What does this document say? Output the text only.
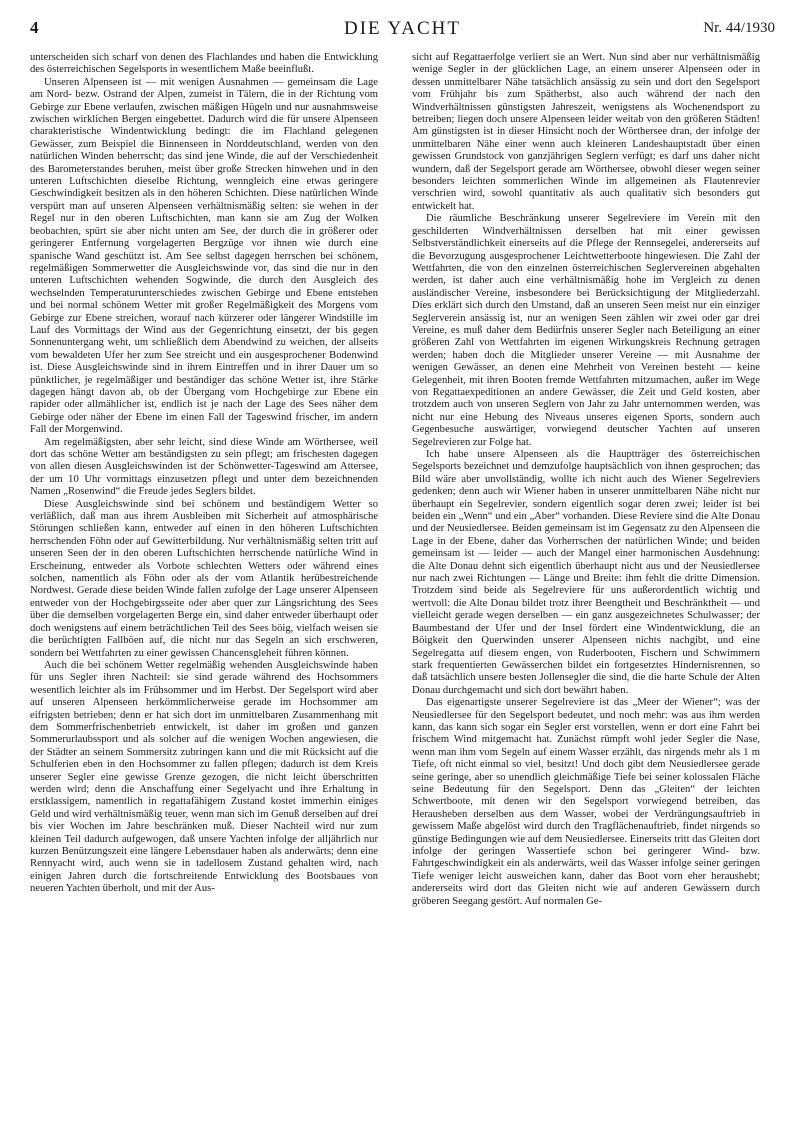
4	DIE YACHT	Nr. 44/1930

unterscheiden sich scharf von denen des Flachlandes und haben die Entwicklung des österreichischen Segelsports in wesentlichem Maße beeinflußt.

Unseren Alpenseen ist — mit wenigen Ausnahmen — gemeinsam die Lage am Nord- bezw. Ostrand der Alpen, zumeist in Tälern, die in der Richtung vom Gebirge zur Ebene verlaufen, zwischen mäßigen Hügeln und nur ausnahmsweise zwischen wirklichen Bergen eingebettet. Dadurch wird die für unsere Alpenseen charakteristische Windentwicklung bedingt: die im Flachland gelegenen Gewässer, zum Beispiel die Binnenseen in Norddeutschland, werden von den natürlichen Winden beherrscht; das sind jene Winde, die auf der Verschiedenheit des Barometerstandes beruhen, meist über große Strecken hinwehen und in den unteren Luftschichten dieselbe Richtung, wenngleich eine etwas geringere Geschwindigkeit besitzen als in den höheren Schichten. Diese natürlichen Winde verspürt man auf unseren Alpenseen verhältnismäßig selten: sie wehen in der Regel nur in den oberen Luftschichten, man kann sie am Zug der Wolken beobachten, spürt sie aber nicht unten am See, der durch die in größerer oder geringerer Entfernung vorgelagerten Bergzüge vor ihnen wie durch eine spanische Wand geschützt ist. Am See selbst dagegen herrschen bei schönem, regelmäßigen Sommerwetter die Ausgleichswinde vor, das sind die nur in den unteren Luftschichten wehenden Sogwinde, die durch den Ausgleich des wechselnden Temperaturunterschiedes zwischen Gebirge und Ebene entstehen und bei normal schönem Wetter mit großer Regelmäßigkeit des Morgens vom Gebirge zur Ebene streichen, worauf nach kürzerer oder längerer Windstille im Lauf des Vormittags der Wind aus der Gegenrichtung einsetzt, der bis gegen Sonnenuntergang weht, um schließlich dem Abendwind zu weichen, der allseits vom bewaldeten Ufer her zum See streicht und ein ausgesprochener Bodenwind ist. Diese Ausgleichswinde sind in ihrem Eintreffen und in ihrer Dauer um so pünktlicher, je regelmäßiger und beständiger das schöne Wetter ist, ihre Stärke dagegen hängt davon ab, ob der Übergang vom Hochgebirge zur Ebene ein rapider oder allmählicher ist, endlich ist je nach der Lage des Sees näher dem Gebirge oder näher der Ebene im einen Fall der Tageswind frischer, im andern Fall der Morgenwind.

Am regelmäßigsten, aber sehr leicht, sind diese Winde am Wörthersee, weil dort das schöne Wetter am beständigsten zu sein pflegt; am frischesten dagegen von allen diesen Ausgleichswinden ist der Schönwetter-Tageswind am Attersee, der um 10 Uhr vormittags einzusetzen pflegt und unter dem bezeichnenden Namen „Rosenwind“ die Freude jedes Seglers bildet.

Diese Ausgleichswinde sind bei schönem und beständigem Wetter so verläßlich, daß man aus ihrem Ausbleiben mit Sicherheit auf atmosphärische Störungen schließen kann, entweder auf einen in den höheren Luftschichten herrschenden Föhn oder auf Gewitterbildung. Nur verhältnismäßig selten tritt auf unseren Seen der in den oberen Luftschichten herrschende natürliche Wind in Erscheinung, entweder als Vorbote schlechten Wetters oder während eines solchen, namentlich als Föhn oder als der vom Atlantik herübestreichende Nordwest. Gerade diese beiden Winde fallen zufolge der Lage unserer Alpenseen entweder von der Hochgebirgsseite oder aber quer zur Längsrichtung des Sees über die demselben vorgelagerten Berge ein, sind daher entweder überhaupt oder doch wenigstens auf einem beträchtlichen Teil des Sees böig, vielfach weisen sie die berüchtigten Fallböen auf, die nicht nur das Segeln an sich erschweren, sondern bei Wettfahrten zu einer gewissen Chancensgleheit führen können.

Auch die bei schönem Wetter regelmäßig wehenden Ausgleichswinde haben für uns Segler ihren Nachteil: sie sind gerade während des Hochsommers wesentlich leichter als im Frühsommer und im Herbst. Der Segelsport wird aber auf unseren Alpenseen herkömmlicherweise gerade im Hochsommer am eifrigsten betrieben; denn er hat sich dort im unmittelbaren Zusammenhang mit dem Sommerfrischenbetrieb entwickelt, ist daher im großen und ganzen Sommerurlaubssport und als solcher auf die wenigen Wochen angewiesen, die der Städter an seinem Sommersitz zubringen kann und die mit Rücksicht auf die Schulferien eben in den Hochsommer zu fallen pflegen; dadurch ist dem Kreis unserer Segler eine gewisse Grenze gezogen, die nicht leicht überschritten werden wird; denn die Anschaffung einer Segelyacht und ihre Erhaltung in erstklassigem, namentlich in regattafähigem Zustand kostet immerhin einiges Geld und wird verhältnismäßig teuer, wenn man sich im Genuß derselben auf drei bis vier Wochen im Jahre beschränken muß. Dieser Nachteil wird nur zum kleinen Teil dadurch aufgewogen, daß unsere Yachten infolge der alljährlich nur kurzen Benützungszeit eine längere Lebensdauer haben als anderwärts; denn eine Rennyacht wird, auch wenn sie in tadellosem Zustand gehalten wird, nach einigen Jahren durch die fortschreitende Entwicklung des Bootsbaues von neueren Yachten überholt, und mit der Aus-

sicht auf Regattaerfolge verliert sie an Wert. Nun sind aber nur verhältnismäßig wenige Segler in der glücklichen Lage, an einem unserer Alpenseen oder in dessen unmittelbarer Nähe tatsächlich ansässig zu sein und dort den Segelsport vom Frühjahr bis zum Spätherbst, also auch während der nach den Windverhältnissen günstigsten Jahreszeit, wenigstens als Wochenendsport zu betreiben; liegen doch unsere Alpenseen leider weitab von den größeren Städten! Am günstigsten ist in dieser Hinsicht noch der Wörthersee dran, der infolge der unmittelbaren Nähe einer wenn auch kleineren Landeshauptstadt über einen gewissen Grundstock von ganzjährigen Seglern verfügt; es darf uns daher nicht wundern, daß der Segelsport gerade am Wörthersee, obwohl dieser wegen seiner besonders leichten sommerlichen Winde im allgemeinen als Flautenrevier verschrien wird, sowohl quantitativ als auch qualitativ sich besonders gut entwickelt hat.

Die räumliche Beschränkung unserer Segelreviere im Verein mit den geschilderten Windverhältnissen derselben hat mit einer gewissen Selbstverständlichkeit einerseits auf die Pflege der Rennsegelei, andererseits auf die Bevorzugung ausgesprochener Leichtwetterboote hingewiesen. Die Zahl der Wettfahrten, die von den einzelnen österreichischen Seglervereinen abgehalten werden, ist daher auch eine verhältnismäßig hohe im Vergleich zu denen ausländischer Vereine, insbesondere bei Berücksichtigung der Mitgliederzahl. Dies erklärt sich durch den Umstand, daß an unseren Seen meist nur ein einziger Seglerverein ansässig ist, nur an wenigen Seen zählen wir zwei oder gar drei Vereine, es muß daher dem Bedürfnis unserer Segler nach Beteiligung an einer größeren Zahl von Wettfahrten im eigenen Wirkungskreis Rechnung getragen werden; haben doch die Mitglieder unserer Vereine — mit Ausnahme der wenigen Gewässer, an denen eine Mehrheit von Vereinen besteht — keine Gelegenheit, mit ihren Booten fremde Wettfahrten mitzumachen, außer im Wege von Regattaexpeditionen an andere Gewässer, die Zeit und Geld kosten, aber trotzdem auch von unseren Seglern von Jahr zu Jahr unternommen werden, was nicht nur eine Hebung des Niveaus unseres eigenen Sports, sondern auch Gegenbesuche auswärtiger, vorwiegend deutscher Yachten auf unseren Segelrevieren zur Folge hat.

Ich habe unsere Alpenseen als die Hauptträger des österreichischen Segelsports bezeichnet und demzufolge hauptsächlich von ihnen gesprochen; das Bild wäre aber unvollständig, wollte ich nicht auch des Wiener Segelreviers gedenken; denn auch wir Wiener haben in unserer unmittelbaren Nähe nicht nur überhaupt ein Segelrevier, sondern eigentlich sogar deren zwei; leider ist bei beiden ein „Wenn“ und ein „Aber“ vorhanden. Diese Reviere sind die Alte Donau und der Neusiedlersee. Beiden gemeinsam ist im Gegensatz zu den Alpenseen die Lage in der Ebene, daher das Vorherrschen der natürlichen Winde; und beiden gemeinsam ist — leider — auch der Mangel einer harmonischen Ausdehnung: die Alte Donau dehnt sich eigentlich überhaupt nicht aus und der Neusiedlersee nur nach zwei Richtungen — Länge und Breite: ihm fehlt die dritte Dimension. Trotzdem sind beide als Segelreviere für uns außerordentlich wichtig und wertvoll: die Alte Donau bildet trotz ihrer Beengtheit und Beschränktheit — und vielleicht gerade wegen derselben — ein ganz ausgezeichnetes Schulwasser; der Baumbestand der Ufer und der Insel fördert eine Windentwicklung, die an Böigkeit den Querwinden unserer Alpenseen nichts nachgibt, und eine Segelregatta auf diesem engen, von Ruderbooten, Fischern und Schwimmern stark frequentierten Gewässerchen bildet ein fortgesetztes Hindernisrennen, so daß tatsächlich unsere besten Jollensegler die sind, die die harte Schule der Alten Donau durchgemacht und sich dort bewährt haben.

Das eigenartigste unserer Segelreviere ist das „Meer der Wiener“; was der Neusiedlersee für den Segelsport bedeutet, und noch mehr: was aus ihm werden kann, das kann sich sogar ein Segler erst vorstellen, wenn er dort eine Fahrt bei frischem Wind mitgemacht hat. Zunächst rümpft wohl jeder Segler die Nase, wenn man ihm vom Segeln auf einem Wasser erzählt, das nirgends mehr als 1 m Tiefe, oft nicht einmal so viel, besitzt! Und doch gibt dem Neusiedlersee gerade seine geringe, aber so unendlich gleichmäßige Tiefe bei seiner kolossalen Fläche seine Bedeutung für den Segelsport. Denn das „Gleiten“ der leichten Schwertboote, mit denen wir den Segelsport vorwiegend betreiben, das Herausheben derselben aus dem Wasser, wobei der Verdrängungsauftrieb in gewissem Maße abgelöst wird durch den Tragflächenauftrieb, findet nirgends so günstige Bedingungen wie auf dem Neusiedlersee. Einerseits tritt das Gleiten dort infolge der geringen Wassertiefe schon bei geringerer Wind- bzw. Fahrtgeschwindigkeit ein als anderwärts, weil das Wasser infolge seiner geringen Tiefe weniger leicht ausweichen kann, daher das Boot vorn eher heraushebt; andererseits wird dort das Gleiten nicht wie auf anderen Gewässern durch gröberen Seegang gestört. Auf normalen Ge-
